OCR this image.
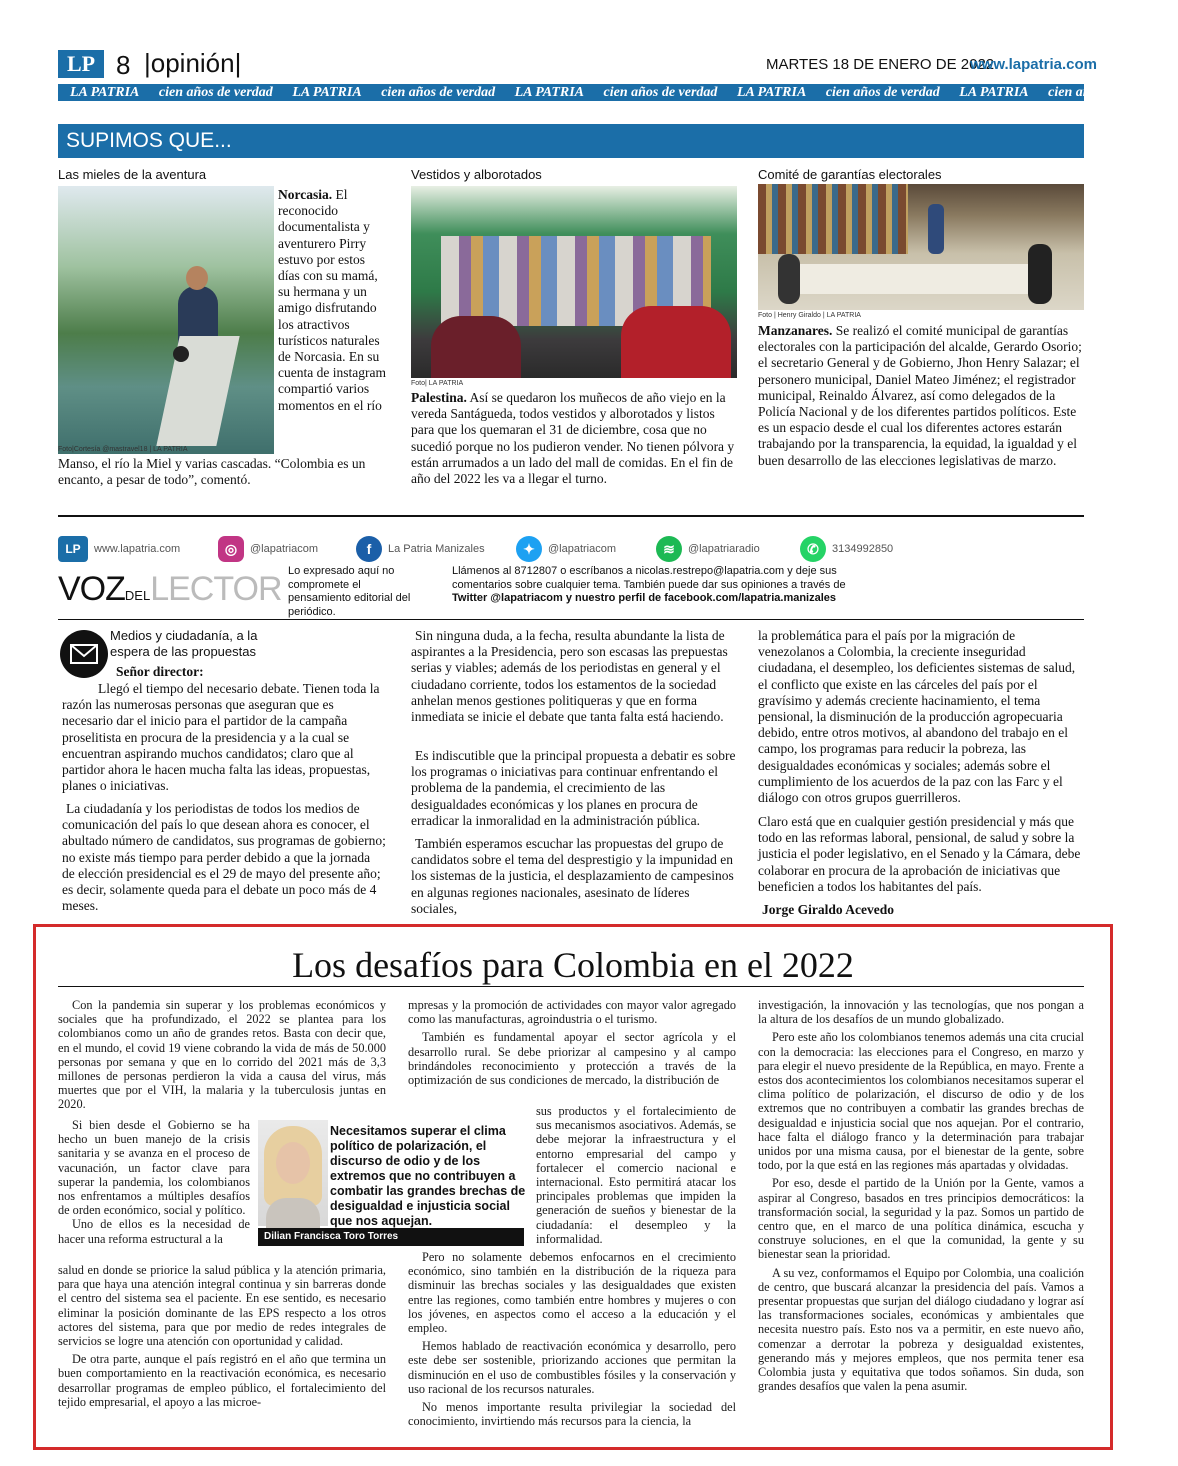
LP 8 |opinión|	MARTES 18 DE ENERO DE 2022
www.lapatria.com
LA PATRIA cien años de verdad LA PATRIA cien años de verdad LA PATRIA cien años de verdad LA PATRIA cien años de verdad LA PATRIA cien años de verdad
SUPIMOS QUE...
Las mieles de la aventura
Foto|Cortesía @mastravel18 | LA PATRIA
Norcasia. El reconocido documentalista y aventurero Pirry estuvo por estos días con su mamá, su hermana y un amigo disfrutando los atractivos turísticos naturales de Norcasia. En su cuenta de instagram compartió varios momentos en el río
Manso, el río la Miel y varias cascadas. “Colombia es un encanto, a pesar de todo”, comentó.
Vestidos y alborotados
Foto| LA PATRIA
Palestina. Así se quedaron los muñecos de año viejo en la vereda Santágueda, todos vestidos y alborotados y listos para que los quemaran el 31 de diciembre, cosa que no sucedió porque no los pudieron vender. No tienen pólvora y están arrumados a un lado del mall de comidas. En el fin de año del 2022 les va a llegar el turno.
Comité de garantías electorales
Foto | Henry Giraldo | LA PATRIA
Manzanares. Se realizó el comité municipal de garantías electorales con la participación del alcalde, Gerardo Osorio; el secretario General y de Gobierno, Jhon Henry Salazar; el personero municipal, Daniel Mateo Jiménez; el registrador municipal, Reinaldo Álvarez, así como delegados de la Policía Nacional y de los diferentes partidos políticos. Este es un espacio desde el cual los diferentes actores estarán trabajando por la transparencia, la equidad, la igualdad y el buen desarrollo de las elecciones legislativas de marzo.
LP	www.lapatria.com	◎	@lapatriacom	f	La Patria Manizales	✦	@lapatriacom	≋	@lapatriaradio	✆	3134992850
VOZDELLECTOR Lo expresado aquí no compromete el pensamiento editorial del periódico.
Llámenos al 8712807 o escríbanos a nicolas.restrepo@lapatria.com y deje sus
comentarios sobre cualquier tema. También puede dar sus opiniones a través de
Twitter @lapatriacom y nuestro perfil de facebook.com/lapatria.manizales
Medios y ciudadanía, a la espera de las propuestas
Señor director:
Llegó el tiempo del necesario debate. Tienen toda la razón las numerosas personas que aseguran que es necesario dar el inicio para el partidor de la campaña proselitista en procura de la presidencia y a la cual se encuentran aspirando muchos candidatos; claro que al partidor ahora le hacen mucha falta las ideas, propuestas, planes o iniciativas.
La ciudadanía y los periodistas de todos los medios de comunicación del país lo que desean ahora es conocer, el abultado número de candidatos, sus programas de gobierno; no existe más tiempo para perder debido a que la jornada de elección presidencial es el 29 de mayo del presente año; es decir, solamente queda para el debate un poco más de 4 meses.
Sin ninguna duda, a la fecha, resulta abundante la lista de aspirantes a la Presidencia, pero son escasas las prepuestas serias y viables; además de los periodistas en general y el ciudadano corriente, todos los estamentos de la sociedad anhelan menos gestiones politiqueras y que en forma inmediata se inicie el debate que tanta falta está haciendo.
Es indiscutible que la principal propuesta a debatir es sobre los programas o iniciativas para continuar enfrentando el problema de la pandemia, el crecimiento de las desigualdades económicas y los planes en procura de erradicar la inmoralidad en la administración pública.
También esperamos escuchar las propuestas del grupo de candidatos sobre el tema del desprestigio y la impunidad en los sistemas de la justicia, el desplazamiento de campesinos en algunas regiones nacionales, asesinato de líderes sociales,
la problemática para el país por la migración de venezolanos a Colombia, la creciente inseguridad ciudadana, el desempleo, los deficientes sistemas de salud, el conflicto que existe en las cárceles del país por el gravísimo y además creciente hacinamiento, el tema pensional, la disminución de la producción agropecuaria debido, entre otros motivos, al abandono del trabajo en el campo, los programas para reducir la pobreza, las desigualdades económicas y sociales; además sobre el cumplimiento de los acuerdos de la paz con las Farc y el diálogo con otros grupos guerrilleros.
Claro está que en cualquier gestión presidencial y más que todo en las reformas laboral, pensional, de salud y sobre la justicia el poder legislativo, en el Senado y la Cámara, debe colaborar en procura de la aprobación de iniciativas que beneficien a todos los habitantes del país.
Jorge Giraldo Acevedo
Los desafíos para Colombia en el 2022

Con la pandemia sin superar y los problemas económicos y sociales que ha profundizado, el 2022 se plantea para los colombianos como un año de grandes retos. Basta con decir que, en el mundo, el covid 19 viene cobrando la vida de más de 50.000 personas por semana y que en lo corrido del 2021 más de 3,3 millones de personas perdieron la vida a causa del virus, más muertes que por el VIH, la malaria y la tuberculosis juntas en 2020.

Si bien desde el Gobierno se ha hecho un buen manejo de la crisis sanitaria y se avanza en el proceso de vacunación, un factor clave para superar la pandemia, los colombianos nos enfrentamos a múltiples desafíos de orden económico, social y político.

Uno de ellos es la necesidad de hacer una reforma estructural a la

salud en donde se priorice la salud pública y la atención primaria, para que haya una atención integral continua y sin barreras donde el centro del sistema sea el paciente. En ese sentido, es necesario eliminar la posición dominante de las EPS respecto a los otros actores del sistema, para que por medio de redes integrales de servicios se logre una atención con oportunidad y calidad.

De otra parte, aunque el país registró en el año que termina un buen comportamiento en la reactivación económica, es necesario desarrollar programas de empleo público, el fortalecimiento del tejido empresarial, el apoyo a las microe-

Necesitamos superar el clima político de polarización, el discurso de odio y de los extremos que no contribuyen a combatir las grandes brechas de desigualdad e injusticia social que nos aquejan.
Dilian Francisca Toro Torres

mpresas y la promoción de actividades con mayor valor agregado como las manufacturas, agroindustria o el turismo.

También es fundamental apoyar el sector agrícola y el desarrollo rural. Se debe priorizar al campesino y al campo brindándoles reconocimiento y protección a través de la optimización de sus condiciones de mercado, la distribución de

sus productos y el fortalecimiento de sus mecanismos asociativos. Además, se debe mejorar la infraestructura y el entorno empresarial del campo y fortalecer el comercio nacional e internacional. Esto permitirá atacar los principales problemas que impiden la generación de sueños y bienestar de la ciudadanía: el desempleo y la informalidad.

Pero no solamente debemos enfocarnos en el crecimiento económico, sino también en la distribución de la riqueza para disminuir las brechas sociales y las desigualdades que existen entre las regiones, como también entre hombres y mujeres o con los jóvenes, en aspectos como el acceso a la educación y el empleo.

Hemos hablado de reactivación económica y desarrollo, pero este debe ser sostenible, priorizando acciones que permitan la disminución en el uso de combustibles fósiles y la conservación y uso racional de los recursos naturales.

No menos importante resulta privilegiar la sociedad del conocimiento, invirtiendo más recursos para la ciencia, la

investigación, la innovación y las tecnologías, que nos pongan a la altura de los desafíos de un mundo globalizado.

Pero este año los colombianos tenemos además una cita crucial con la democracia: las elecciones para el Congreso, en marzo y para elegir el nuevo presidente de la República, en mayo. Frente a estos dos acontecimientos los colombianos necesitamos superar el clima político de polarización, el discurso de odio y de los extremos que no contribuyen a combatir las grandes brechas de desigualdad e injusticia social que nos aquejan. Por el contrario, hace falta el diálogo franco y la determinación para trabajar unidos por una misma causa, por el bienestar de la gente, sobre todo, por la que está en las regiones más apartadas y olvidadas.

Por eso, desde el partido de la Unión por la Gente, vamos a aspirar al Congreso, basados en tres principios democráticos: la transformación social, la seguridad y la paz. Somos un partido de centro que, en el marco de una política dinámica, escucha y construye soluciones, en el que la comunidad, la gente y su bienestar sean la prioridad.

A su vez, conformamos el Equipo por Colombia, una coalición de centro, que buscará alcanzar la presidencia del país. Vamos a presentar propuestas que surjan del diálogo ciudadano y lograr así las transformaciones sociales, económicas y ambientales que necesita nuestro país. Esto nos va a permitir, en este nuevo año, comenzar a derrotar la pobreza y desigualdad existentes, generando más y mejores empleos, que nos permita tener esa Colombia justa y equitativa que todos soñamos. Sin duda, son grandes desafíos que valen la pena asumir.
